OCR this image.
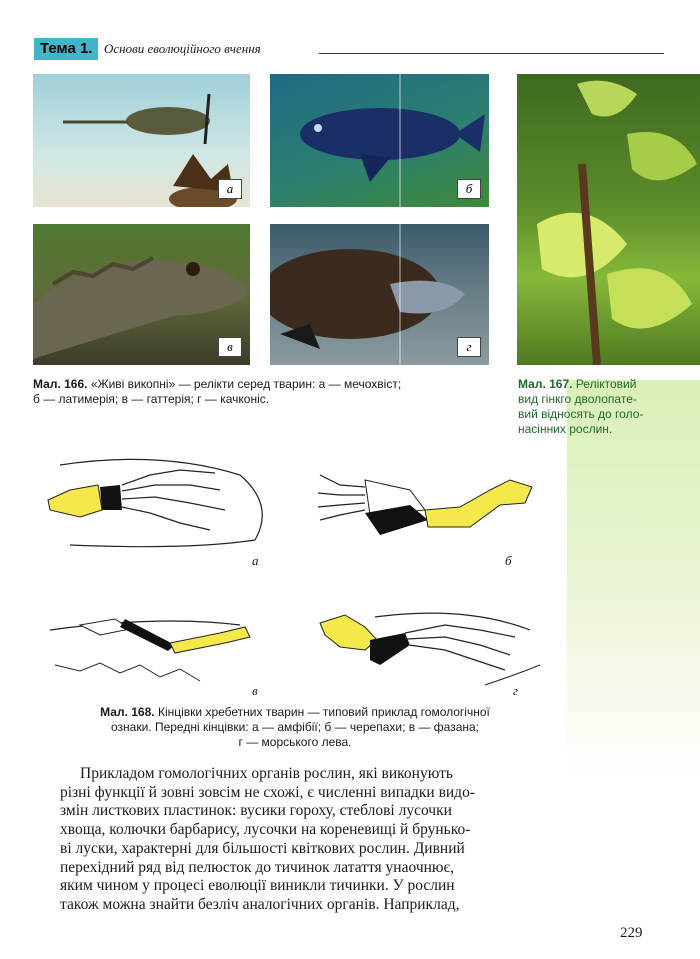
Тема 1. Основи еволюційного вчення
а	б
в	г
Мал. 166. «Живі викопні» — релікти серед тварин: а — мечохвіст;
б — латимерія; в — гаттерія; г — качконіс.
Мал. 167. Реліктовий
вид гінкго дволопате-
вий відносять до голо-
насінних рослин.
а	б
в	г
Мал. 168. Кінцівки хребетних тварин — типовий приклад гомологічної
ознаки. Передні кінцівки: а — амфібії; б — черепахи; в — фазана;
г — морського лева.
Прикладом гомологічних органів рослин, які виконують
різні функції й зовні зовсім не схожі, є численні випадки видо-
змін листкових пластинок: вусики гороху, стеблові лусочки
хвоща, колючки барбарису, лусочки на кореневищі й брунько-
ві луски, характерні для більшості квіткових рослин. Дивний
перехідний ряд від пелюсток до тичинок латаття унаочнює,
яким чином у процесі еволюції виникли тичинки. У рослин
також можна знайти безліч аналогічних органів. Наприклад,
229
